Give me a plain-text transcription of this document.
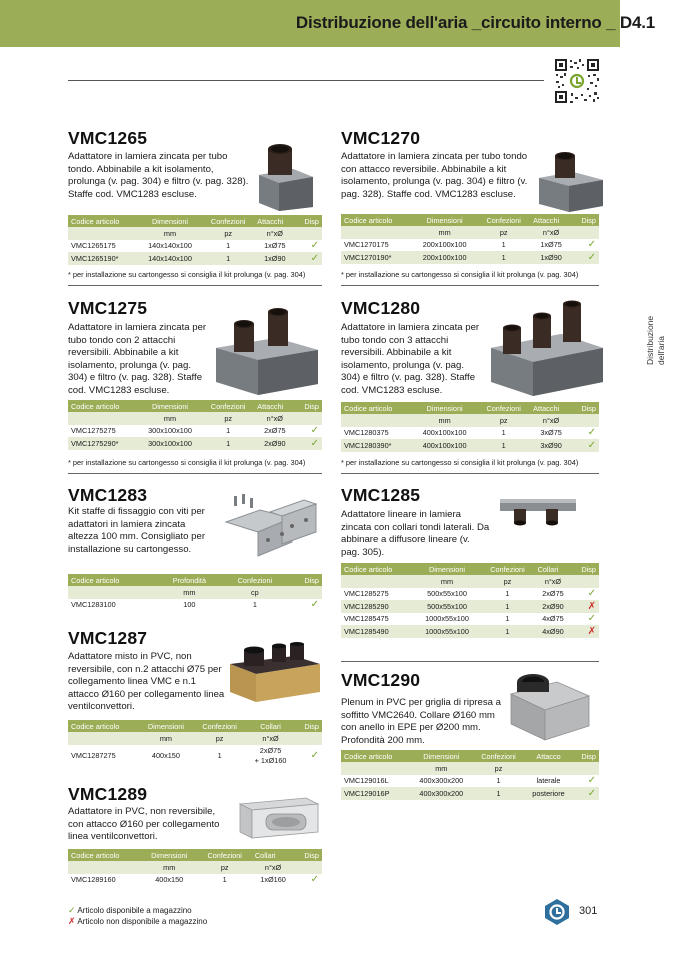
Distribuzione dell'aria _circuito interno _ D4.1
Distribuzione dell'aria
VMC1265
Adattatore in lamiera zincata per tubo tondo. Abbinabile a kit isolamento, prolunga (v. pag. 304) e filtro (v. pag. 328). Staffe cod. VMC1283 escluse.
Codice articolo	Dimensioni	Confezioni	Attacchi	Disp
	mm	pz	n°xØ	
VMC1265175	140x140x100	1	1xØ75	✓
VMC1265190*	140x140x100	1	1xØ90	✓
* per installazione su cartongesso si consiglia il kit prolunga (v. pag. 304)
VMC1270
Adattatore in lamiera zincata per tubo tondo con attacco reversibile. Abbinabile a kit isolamento, prolunga (v. pag. 304) e filtro (v. pag. 328). Staffe cod. VMC1283 escluse.
Codice articolo	Dimensioni	Confezioni	Attacchi	Disp
	mm	pz	n°xØ	
VMC1270175	200x100x100	1	1xØ75	✓
VMC1270190*	200x100x100	1	1xØ90	✓
* per installazione su cartongesso si consiglia il kit prolunga (v. pag. 304)
VMC1275
Adattatore in lamiera zincata per tubo tondo con 2 attacchi reversibili. Abbinabile a kit isolamento, prolunga (v. pag. 304) e filtro (v. pag. 328). Staffe cod. VMC1283 escluse.
Codice articolo	Dimensioni	Confezioni	Attacchi	Disp
	mm	pz	n°xØ	
VMC1275275	300x100x100	1	2xØ75	✓
VMC1275290*	300x100x100	1	2xØ90	✓
* per installazione su cartongesso si consiglia il kit prolunga (v. pag. 304)
VMC1280
Adattatore in lamiera zincata per tubo tondo con 3 attacchi reversibili. Abbinabile a kit isolamento, prolunga (v. pag. 304) e filtro (v. pag. 328). Staffe cod. VMC1283 escluse.
Codice articolo	Dimensioni	Confezioni	Attacchi	Disp
	mm	pz	n°xØ	
VMC1280375	400x100x100	1	3xØ75	✓
VMC1280390*	400x100x100	1	3xØ90	✓
* per installazione su cartongesso si consiglia il kit prolunga (v. pag. 304)
VMC1283
Kit staffe di fissaggio con viti per adattatori in lamiera zincata altezza 100 mm. Consigliato per installazione su cartongesso.
Codice articolo	Profondità	Confezioni	Disp
	mm	cp	
VMC1283100	100	1	✓
VMC1285
Adattatore lineare in lamiera zincata con collari tondi laterali. Da abbinare a diffusore lineare (v. pag. 305).
Codice articolo	Dimensioni	Confezioni	Collari	Disp
	mm	pz	n°xØ	
VMC1285275	500x55x100	1	2xØ75	✓
VMC1285290	500x55x100	1	2xØ90	✗
VMC1285475	1000x55x100	1	4xØ75	✓
VMC1285490	1000x55x100	1	4xØ90	✗
VMC1287
Adattatore misto in PVC, non reversibile, con n.2 attacchi Ø75 per collegamento linea VMC e n.1 attacco Ø160 per collegamento linea ventilconvettori.
Codice articolo	Dimensioni	Confezioni	Collari	Disp
	mm	pz	n°xØ	
VMC1287275	400x150	1	2xØ75
+ 1xØ160	✓
VMC1289
Adattatore in PVC, non reversibile, con attacco Ø160 per collegamento linea ventilconvettori.
Codice articolo	Dimensioni	Confezioni	Collari	Disp
	mm	pz	n°xØ	
VMC1289160	400x150	1	1xØ160	✓
VMC1290
Plenum in PVC per griglia di ripresa a soffitto VMC2640. Collare Ø160 mm con anello in EPE per Ø200 mm. Profondità 200 mm.
Codice articolo	Dimensioni	Confezioni	Attacco	Disp
	mm	pz		
VMC129016L	400x300x200	1	laterale	✓
VMC129016P	400x300x200	1	posteriore	✓
✓ Articolo disponibile a magazzino
✗ Articolo non disponibile a magazzino
301
